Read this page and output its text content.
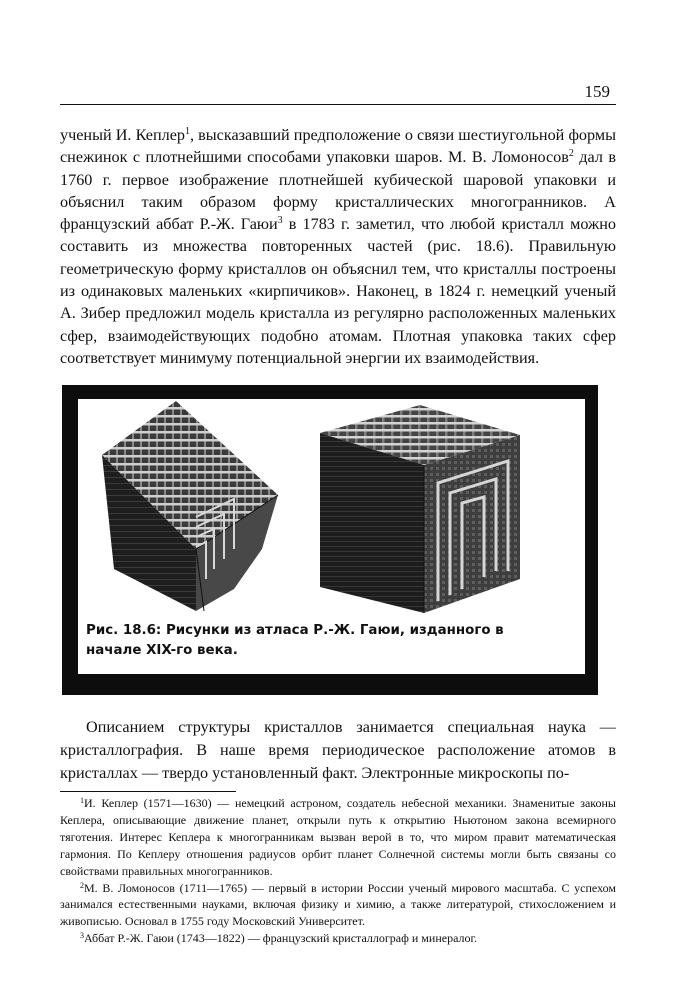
159

ученый И. Кеплер$^1$, высказавший предположение о связи шестиугольной формы снежинок с плотнейшими способами упаковки шаров. М. В. Ломоносов$^2$ дал в 1760 г. первое изображение плотнейшей кубической шаровой упаковки и объяснил таким образом форму кристаллических многогранников. А французский аббат Р.-Ж. Гаюи$^3$ в 1783 г. заметил, что любой кристалл можно составить из множества повторенных частей (рис. 18.6). Правильную геометрическую форму кристаллов он объяснил тем, что кристаллы построены из одинаковых маленьких «кирпичиков». Наконец, в 1824 г. немецкий ученый А. Зибер предложил модель кристалла из регулярно расположенных маленьких сфер, взаимодействующих подобно атомам. Плотная упаковка таких сфер соответствует минимуму потенциальной энергии их взаимодействия.

Рис. 18.6: Рисунки из атласа Р.-Ж. Гаюи, изданного в
начале XIX-го века.

Описанием структуры кристаллов занимается специальная наука — кристаллография. В наше время периодическое расположение атомов в кристаллах — твердо установленный факт. Электронные микроскопы по-

$^1$И. Кеплер (1571—1630) — немецкий астроном, создатель небесной механики. Знаменитые законы Кеплера, описывающие движение планет, открыли путь к открытию Ньютоном закона всемирного тяготения. Интерес Кеплера к многогранникам вызван верой в то, что миром правит математическая гармония. По Кеплеру отношения радиусов орбит планет Солнечной системы могли быть связаны со свойствами правильных многогранников.

$^2$М. В. Ломоносов (1711—1765) — первый в истории России ученый мирового масштаба. С успехом занимался естественными науками, включая физику и химию, а также литературой, стихосложением и живописью. Основал в 1755 году Московский Университет.

$^3$Аббат Р.-Ж. Гаюи (1743—1822) — французский кристаллограф и минералог.
